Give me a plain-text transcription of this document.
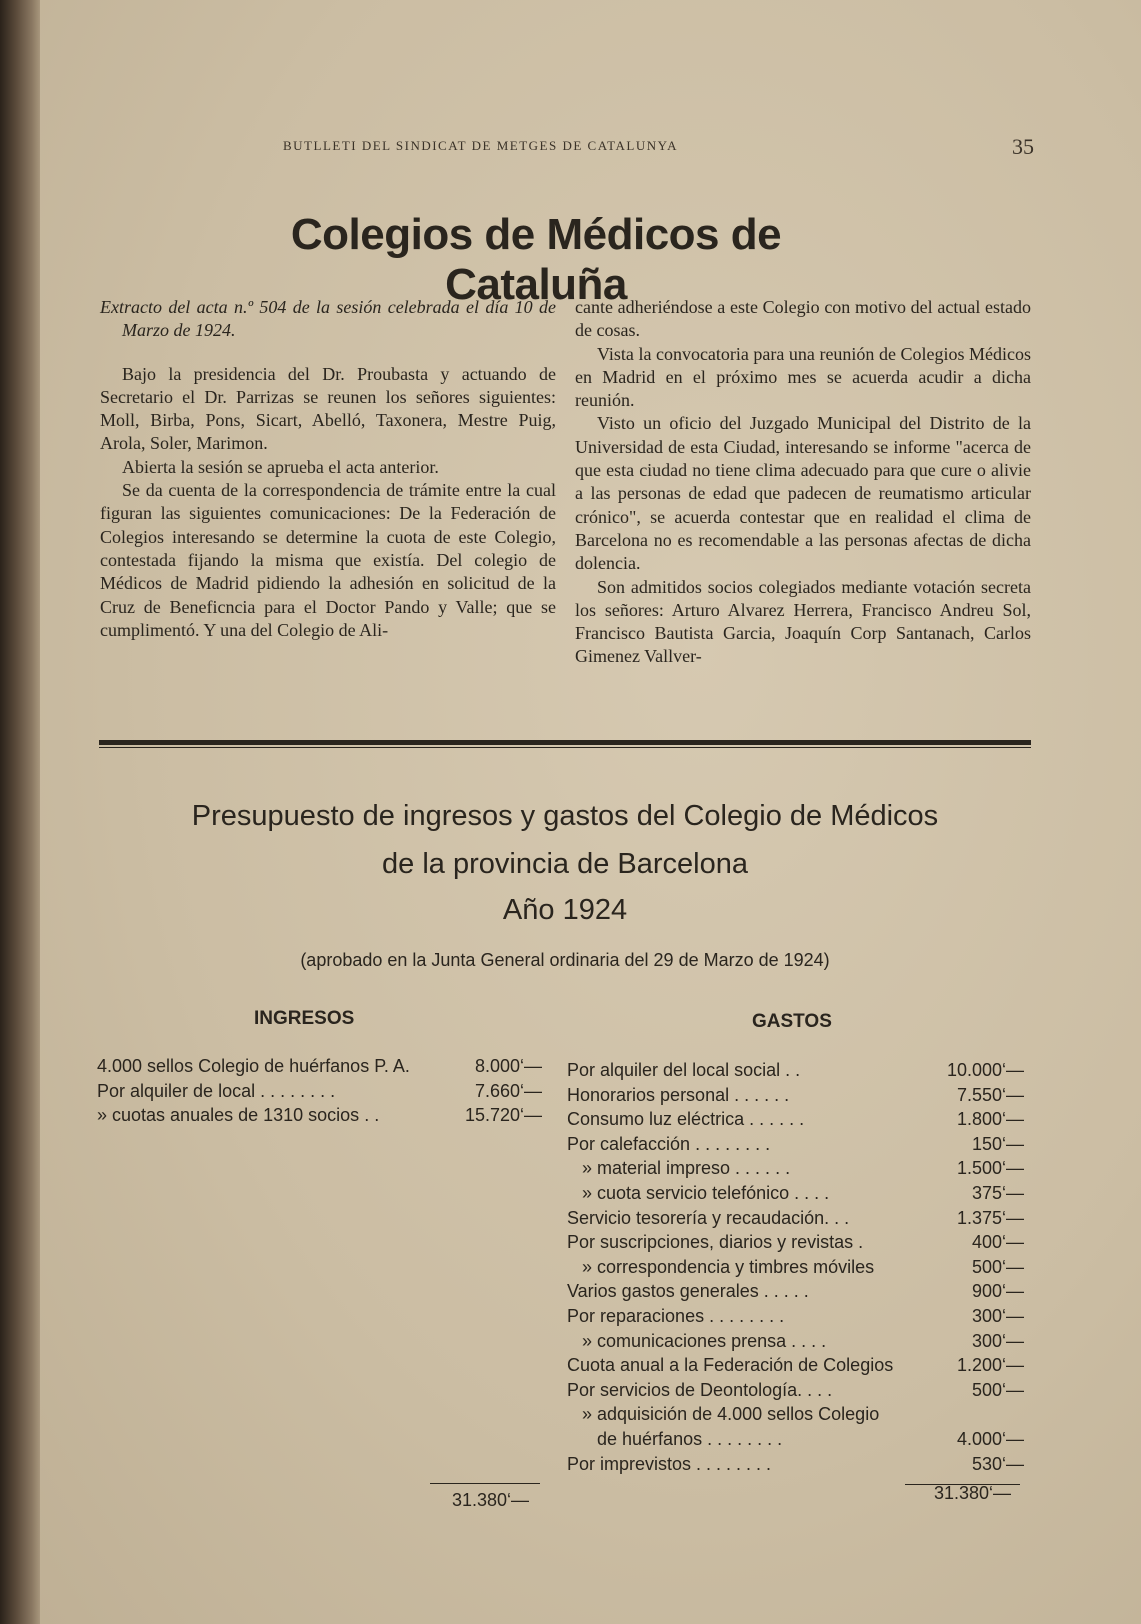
BUTLLETI DEL SINDICAT DE METGES DE CATALUNYA	35
Colegios de Médicos de Cataluña

Extracto del acta n.º 504 de la sesión celebrada el día 10 de Marzo de 1924.

Bajo la presidencia del Dr. Proubasta y actuando de Secretario el Dr. Parrizas se reunen los señores siguientes: Moll, Birba, Pons, Sicart, Abelló, Taxonera, Mestre Puig, Arola, Soler, Marimon.

Abierta la sesión se aprueba el acta anterior.

Se da cuenta de la correspondencia de trámite entre la cual figuran las siguientes comunicaciones: De la Federación de Colegios interesando se determine la cuota de este Colegio, contestada fijando la misma que existía. Del colegio de Médicos de Madrid pidiendo la adhesión en solicitud de la Cruz de Beneficncia para el Doctor Pando y Valle; que se cumplimentó. Y una del Colegio de Ali-

cante adheriéndose a este Colegio con motivo del actual estado de cosas.

Vista la convocatoria para una reunión de Colegios Médicos en Madrid en el próximo mes se acuerda acudir a dicha reunión.

Visto un oficio del Juzgado Municipal del Distrito de la Universidad de esta Ciudad, interesando se informe "acerca de que esta ciudad no tiene clima adecuado para que cure o alivie a las personas de edad que padecen de reumatismo articular crónico", se acuerda contestar que en realidad el clima de Barcelona no es recomendable a las personas afectas de dicha dolencia.

Son admitidos socios colegiados mediante votación secreta los señores: Arturo Alvarez Herrera, Francisco Andreu Sol, Francisco Bautista Garcia, Joaquín Corp Santanach, Carlos Gimenez Vallver-

Presupuesto de ingresos y gastos del Colegio de Médicos
de la provincia de Barcelona
Año 1924
(aprobado en la Junta General ordinaria del 29 de Marzo de 1924)
INGRESOS	GASTOS
4.000 sellos Colegio de huérfanos P. A.	8.000‘—
Por alquiler de local . . . . . . . .	7.660‘—
» cuotas anuales de 1310 socios . .	15.720‘—
Por alquiler del local social . .	10.000‘—
Honorarios personal . . . . . .	7.550‘—
Consumo luz eléctrica . . . . . .	1.800‘—
Por calefacción . . . . . . . .	150‘—
» material impreso . . . . . .	1.500‘—
» cuota servicio telefónico . . . .	375‘—
Servicio tesorería y recaudación. . .	1.375‘—
Por suscripciones, diarios y revistas .	400‘—
» correspondencia y timbres móviles	500‘—
Varios gastos generales . . . . .	900‘—
Por reparaciones . . . . . . . .	300‘—
» comunicaciones prensa . . . .	300‘—
Cuota anual a la Federación de Colegios	1.200‘—
Por servicios de Deontología. . . .	500‘—
» adquisición de 4.000 sellos Colegio
de huérfanos . . . . . . . .	4.000‘—
Por imprevistos . . . . . . . .	530‘—
31.380‘—	31.380‘—
